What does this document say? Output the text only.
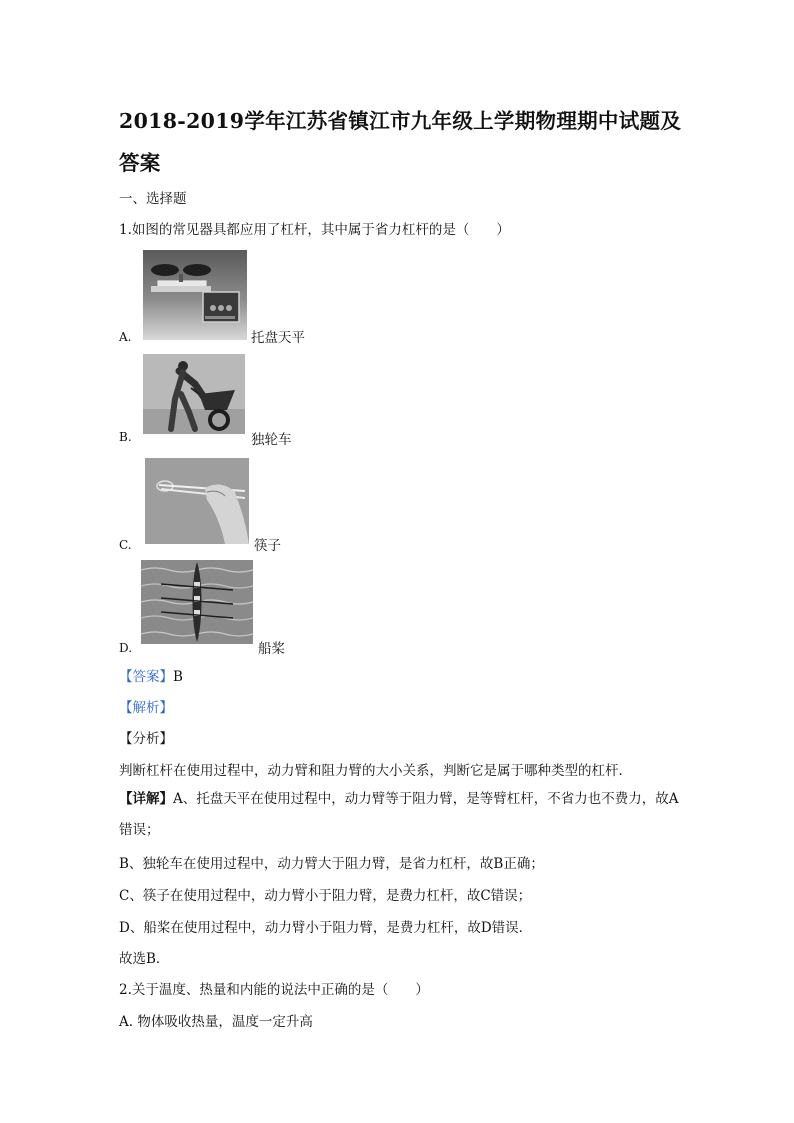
2018-2019学年江苏省镇江市九年级上学期物理期中试题及答案
一、选择题
1.如图的常见器具都应用了杠杆，其中属于省力杠杆的是（　　）
A.	托盘天平
B.	独轮车
C.	筷子
D.	船桨
【答案】B
【解析】
【分析】
判断杠杆在使用过程中，动力臂和阻力臂的大小关系，判断它是属于哪种类型的杠杆．
【详解】A、托盘天平在使用过程中，动力臂等于阻力臂，是等臂杠杆，不省力也不费力，故A错误；
B、独轮车在使用过程中，动力臂大于阻力臂，是省力杠杆，故B正确；
C、筷子在使用过程中，动力臂小于阻力臂，是费力杠杆，故C错误；
D、船桨在使用过程中，动力臂小于阻力臂，是费力杠杆，故D错误．
故选B．
2.关于温度、热量和内能的说法中正确的是（　　）
A. 物体吸收热量，温度一定升高
